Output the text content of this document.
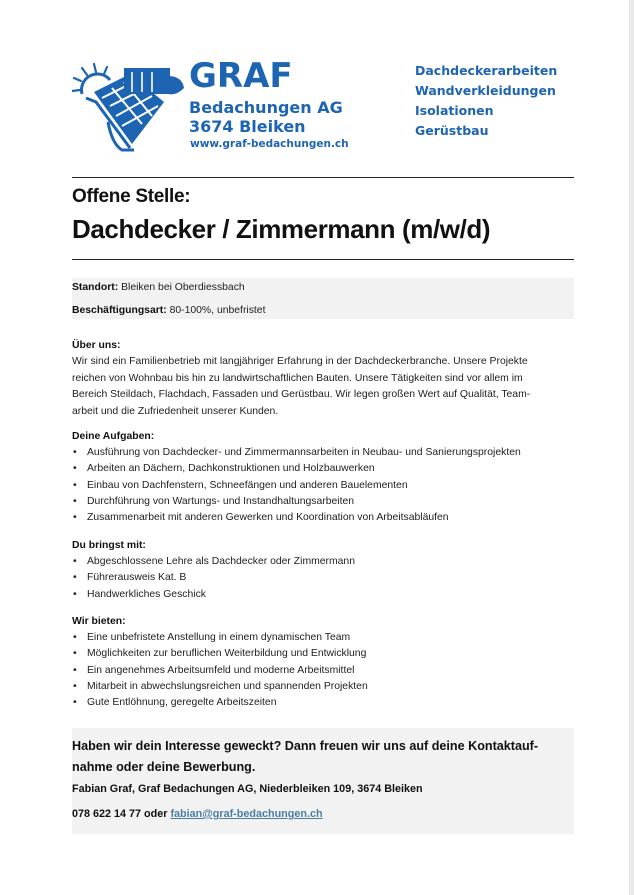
GRAF
Bedachungen AG
3674 Bleiken
www.graf-bedachungen.ch
Dachdeckerarbeiten
Wandverkleidungen
Isolationen
Gerüstbau
Offene Stelle:
Dachdecker / Zimmermann (m/w/d)
Standort: Bleiken bei Oberdiessbach
Beschäftigungsart: 80-100%, unbefristet
Über uns:

Wir sind ein Familienbetrieb mit langjähriger Erfahrung in der Dachdeckerbranche. Unsere Projekte

reichen von Wohnbau bis hin zu landwirtschaftlichen Bauten. Unsere Tätigkeiten sind vor allem im

Bereich Steildach, Flachdach, Fassaden und Gerüstbau. Wir legen großen Wert auf Qualität, Team-

arbeit und die Zufriedenheit unserer Kunden.

Deine Aufgaben:
• Ausführung von Dachdecker- und Zimmermannsarbeiten in Neubau- und Sanierungsprojekten
• Arbeiten an Dächern, Dachkonstruktionen und Holzbauwerken
• Einbau von Dachfenstern, Schneefängen und anderen Bauelementen
• Durchführung von Wartungs- und Instandhaltungsarbeiten
• Zusammenarbeit mit anderen Gewerken und Koordination von Arbeitsabläufen
Du bringst mit:
• Abgeschlossene Lehre als Dachdecker oder Zimmermann
• Führerausweis Kat. B
• Handwerkliches Geschick
Wir bieten:
• Eine unbefristete Anstellung in einem dynamischen Team
• Möglichkeiten zur beruflichen Weiterbildung und Entwicklung
• Ein angenehmes Arbeitsumfeld und moderne Arbeitsmittel
• Mitarbeit in abwechslungsreichen und spannenden Projekten
• Gute Entlöhnung, geregelte Arbeitszeiten
Haben wir dein Interesse geweckt? Dann freuen wir uns auf deine Kontaktauf-
nahme oder deine Bewerbung.
Fabian Graf, Graf Bedachungen AG, Niederbleiken 109, 3674 Bleiken
078 622 14 77 oder fabian@graf-bedachungen.ch
